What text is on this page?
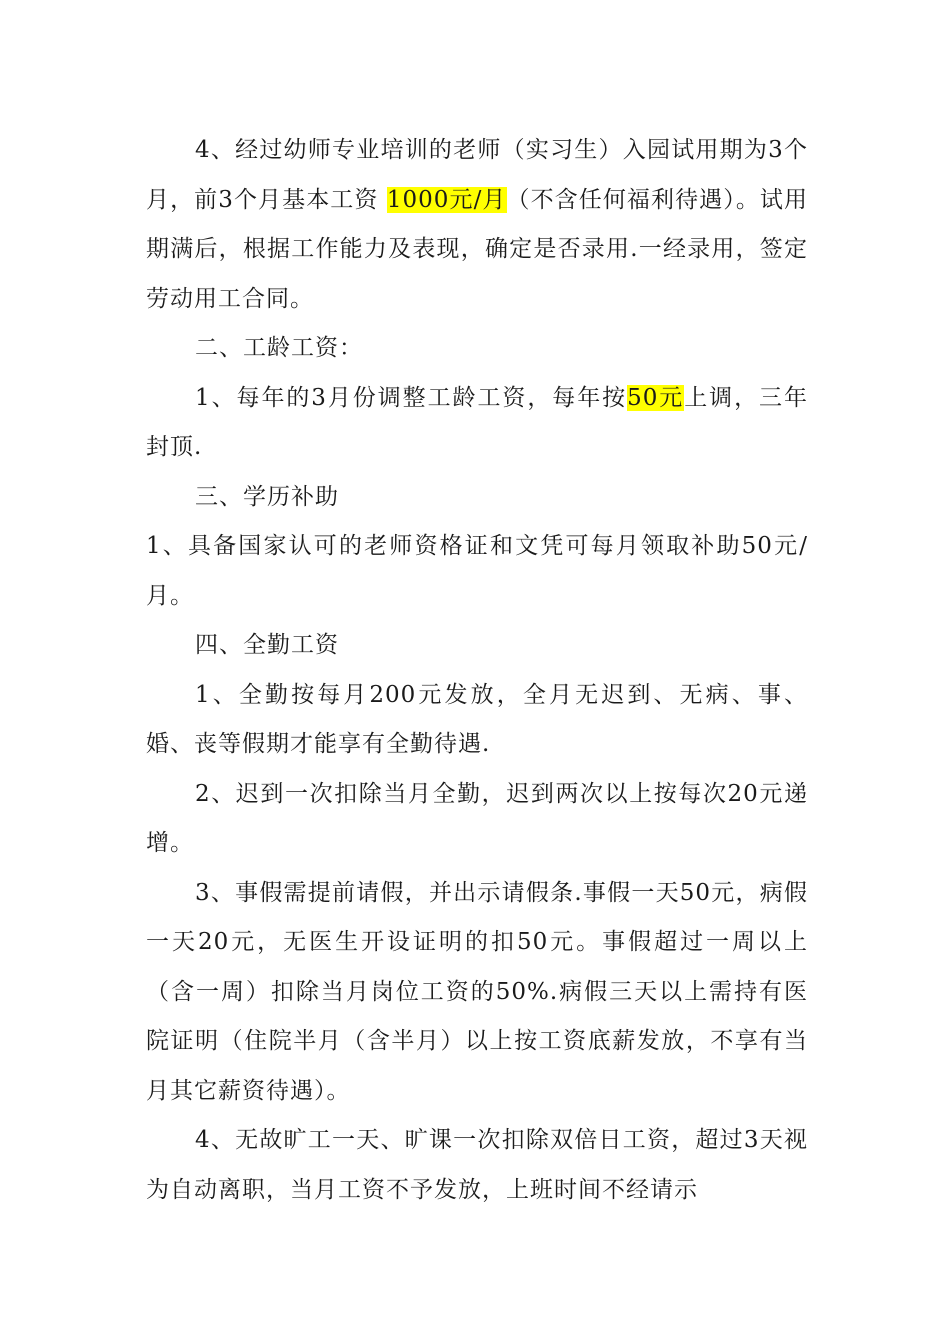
4、经过幼师专业培训的老师（实习生）入园试用期为3个月，前3个月基本工资 1000元/月（不含任何福利待遇）。试用期满后，根据工作能力及表现，确定是否录用.一经录用，签定劳动用工合同。

二、工龄工资：

1、每年的3月份调整工龄工资，每年按50元上调，三年封顶.

三、学历补助

1、具备国家认可的老师资格证和文凭可每月领取补助50元/月。

四、全勤工资

1、全勤按每月200元发放，全月无迟到、无病、事、婚、丧等假期才能享有全勤待遇.

2、迟到一次扣除当月全勤，迟到两次以上按每次20元递增。

3、事假需提前请假，并出示请假条.事假一天50元，病假一天20元，无医生开设证明的扣50元。事假超过一周以上（含一周）扣除当月岗位工资的50%.病假三天以上需持有医院证明（住院半月（含半月）以上按工资底薪发放，不享有当月其它薪资待遇）。

4、无故旷工一天、旷课一次扣除双倍日工资，超过3天视为自动离职，当月工资不予发放，上班时间不经请示
